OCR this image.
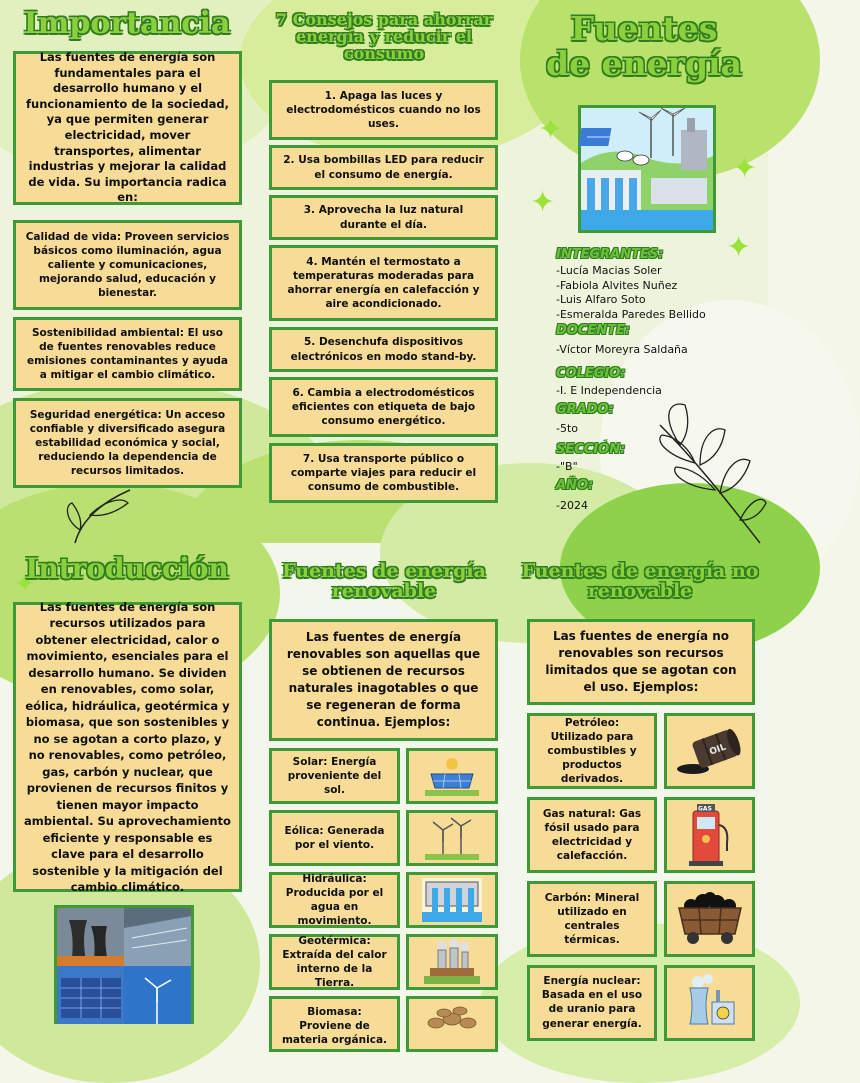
✦
✦
✦
✦
✦
Importancia
Las fuentes de energía son fundamentales para el desarrollo humano y el funcionamiento de la sociedad, ya que permiten generar electricidad, mover transportes, alimentar industrias y mejorar la calidad de vida. Su importancia radica en:
Calidad de vida: Proveen servicios básicos como iluminación, agua caliente y comunicaciones, mejorando salud, educación y bienestar.
Sostenibilidad ambiental: El uso de fuentes renovables reduce emisiones contaminantes y ayuda a mitigar el cambio climático.
Seguridad energética: Un acceso confiable y diversificado asegura estabilidad económica y social, reduciendo la dependencia de recursos limitados.
7 Consejos para ahorrar energía y reducir el consumo
1. Apaga las luces y electrodomésticos cuando no los uses.
2. Usa bombillas LED para reducir el consumo de energía.
3. Aprovecha la luz natural durante el día.
4. Mantén el termostato a temperaturas moderadas para ahorrar energía en calefacción y aire acondicionado.
5. Desenchufa dispositivos electrónicos en modo stand-by.
6. Cambia a electrodomésticos eficientes con etiqueta de bajo consumo energético.
7. Usa transporte público o comparte viajes para reducir el consumo de combustible.
Fuentes de energía
INTEGRANTES:
-Lucía Macias Soler
-Fabiola Alvites Nuñez
-Luis Alfaro Soto
-Esmeralda Paredes Bellido
DOCENTE:
-Víctor Moreyra Saldaña
COLEGIO:
-I. E Independencia
GRADO:
-5to
SECCIÓN:
-"B"
AÑO:
-2024
Introducción
Las fuentes de energía son recursos utilizados para obtener electricidad, calor o movimiento, esenciales para el desarrollo humano. Se dividen en renovables, como solar, eólica, hidráulica, geotérmica y biomasa, que son sostenibles y no se agotan a corto plazo, y no renovables, como petróleo, gas, carbón y nuclear, que provienen de recursos finitos y tienen mayor impacto ambiental. Su aprovechamiento eficiente y responsable es clave para el desarrollo sostenible y la mitigación del cambio climático.
Fuentes de energía renovable
Las fuentes de energía renovables son aquellas que se obtienen de recursos naturales inagotables o que se regeneran de forma continua. Ejemplos:
Solar: Energía proveniente del sol.
Eólica: Generada por el viento.
Hidráulica: Producida por el agua en movimiento.
Geotérmica: Extraída del calor interno de la Tierra.
Biomasa: Proviene de materia orgánica.
Fuentes de energía no renovable
Las fuentes de energía no renovables son recursos limitados que se agotan con el uso. Ejemplos:
Petróleo: Utilizado para combustibles y productos derivados.
OIL
Gas natural: Gas fósil usado para electricidad y calefacción.
GAS
Carbón: Mineral utilizado en centrales térmicas.
Energía nuclear: Basada en el uso de uranio para generar energía.
